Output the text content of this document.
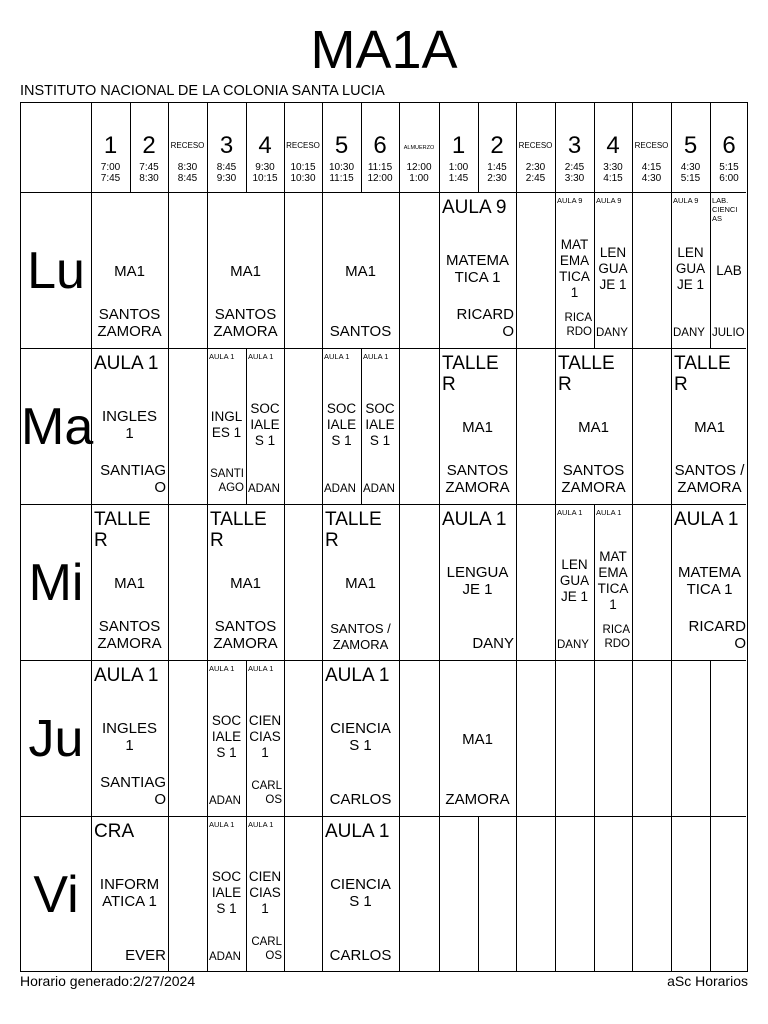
MA1A
INSTITUTO NACIONAL DE LA COLONIA SANTA LUCIA
1
7:00
7:45
2
7:45
8:30
RECESO
8:30
8:45
3
8:45
9:30
4
9:30
10:15
RECESO
10:15
10:30
5
10:30
11:15
6
11:15
12:00
ALMUERZO
12:00
1:00
1
1:00
1:45
2
1:45
2:30
RECESO
2:30
2:45
3
2:45
3:30
4
3:30
4:15
RECESO
4:15
4:30
5
4:30
5:15
6
5:15
6:00
Lu
Ma
Mi
Ju
Vi
MA1
SANTOS
ZAMORA
MA1
SANTOS
ZAMORA
MA1
SANTOS
AULA 9
MATEMA
TICA 1
RICARD
O
AULA 9
MAT
EMA
TICA
1
RICA
RDO
AULA 9
LEN
GUA
JE 1
DANY
AULA 9
LEN
GUA
JE 1
DANY
LAB.
CIENCI
AS
LAB
JULIO
AULA 1
INGLES
1
SANTIAG
O
AULA 1
INGL
ES 1
SANTI
AGO
AULA 1
SOC
IALE
S 1
ADAN
AULA 1
SOC
IALE
S 1
ADAN
AULA 1
SOC
IALE
S 1
ADAN
TALLE
R
MA1
SANTOS
ZAMORA
TALLE
R
MA1
SANTOS
ZAMORA
TALLE
R
MA1
SANTOS /
ZAMORA
TALLE
R
MA1
SANTOS
ZAMORA
TALLE
R
MA1
SANTOS
ZAMORA
TALLE
R
MA1
SANTOS /
ZAMORA
AULA 1
LENGUA
JE 1
DANY
AULA 1
LEN
GUA
JE 1
DANY
AULA 1
MAT
EMA
TICA
1
RICA
RDO
AULA 1
MATEMA
TICA 1
RICARD
O
AULA 1
INGLES
1
SANTIAG
O
AULA 1
SOC
IALE
S 1
ADAN
AULA 1
CIEN
CIAS
1
CARL
OS
AULA 1
CIENCIA
S 1
CARLOS
MA1
ZAMORA
CRA
INFORM
ATICA 1
EVER
AULA 1
SOC
IALE
S 1
ADAN
AULA 1
CIEN
CIAS
1
CARL
OS
AULA 1
CIENCIA
S 1
CARLOS
Horario generado:2/27/2024	aSc Horarios
